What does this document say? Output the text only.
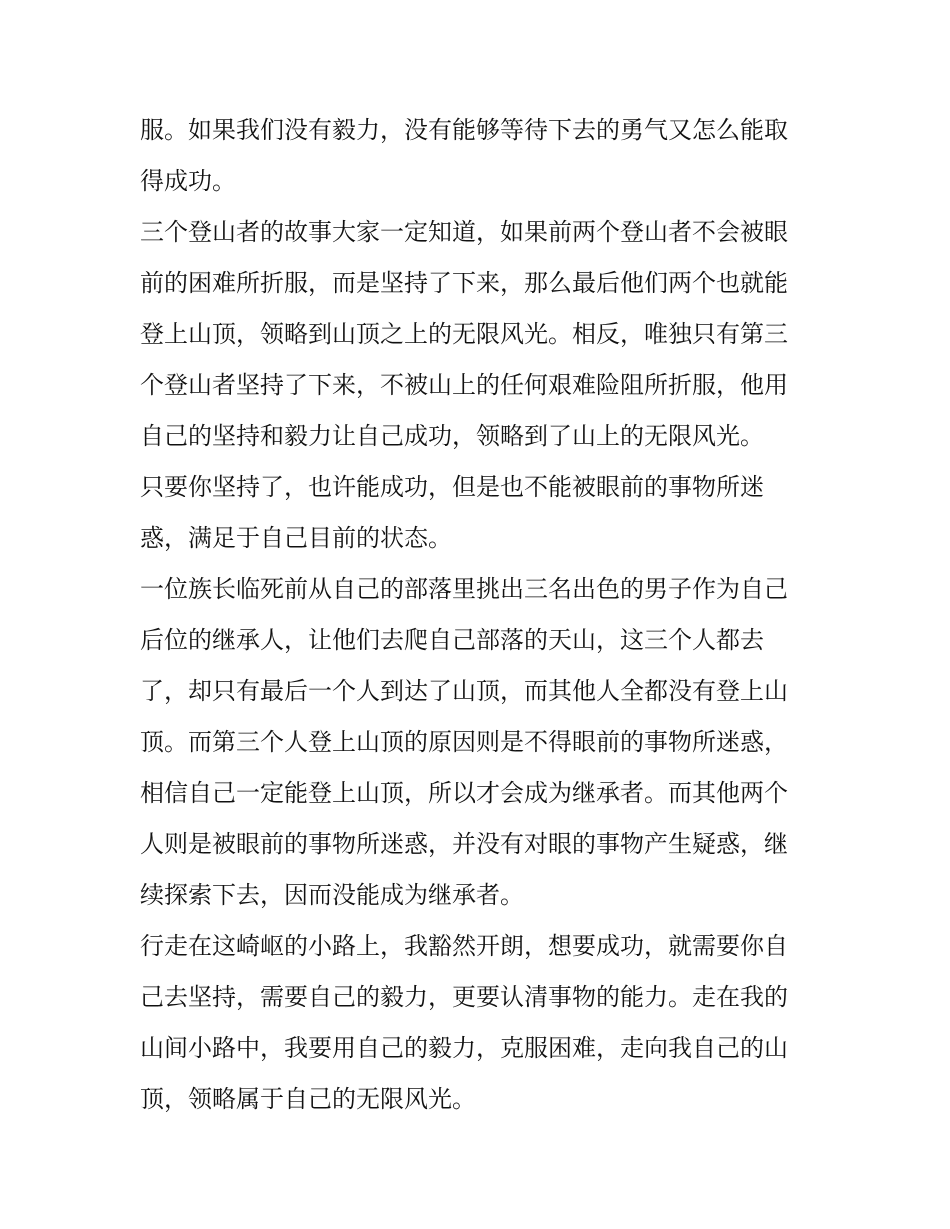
服。如果我们没有毅力，没有能够等待下去的勇气又怎么能取
得成功。
三个登山者的故事大家一定知道，如果前两个登山者不会被眼
前的困难所折服，而是坚持了下来，那么最后他们两个也就能
登上山顶，领略到山顶之上的无限风光。相反，唯独只有第三
个登山者坚持了下来，不被山上的任何艰难险阻所折服，他用
自己的坚持和毅力让自己成功，领略到了山上的无限风光。
只要你坚持了，也许能成功，但是也不能被眼前的事物所迷
惑，满足于自己目前的状态。
一位族长临死前从自己的部落里挑出三名出色的男子作为自己
后位的继承人，让他们去爬自己部落的天山，这三个人都去
了，却只有最后一个人到达了山顶，而其他人全都没有登上山
顶。而第三个人登上山顶的原因则是不得眼前的事物所迷惑，
相信自己一定能登上山顶，所以才会成为继承者。而其他两个
人则是被眼前的事物所迷惑，并没有对眼的事物产生疑惑，继
续探索下去，因而没能成为继承者。
行走在这崎岖的小路上，我豁然开朗，想要成功，就需要你自
己去坚持，需要自己的毅力，更要认清事物的能力。走在我的
山间小路中，我要用自己的毅力，克服困难，走向我自己的山
顶，领略属于自己的无限风光。
